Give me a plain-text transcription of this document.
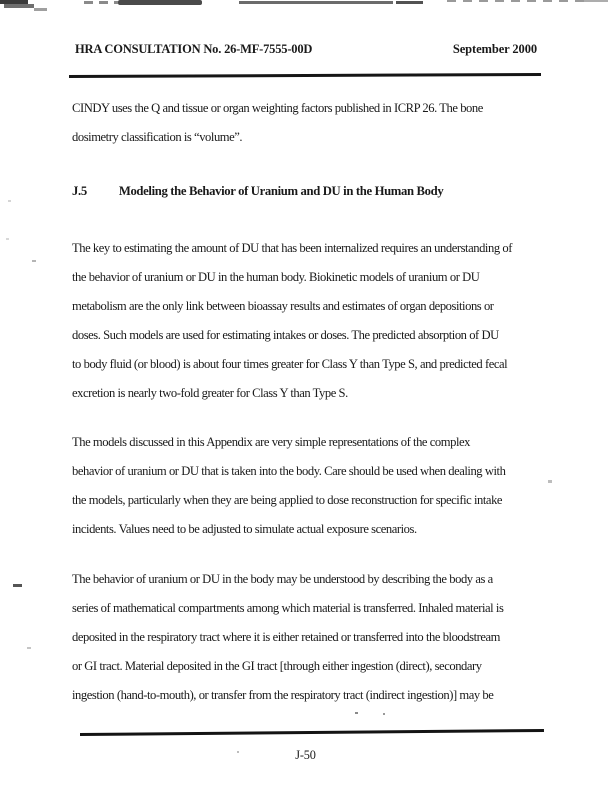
HRA CONSULTATION No. 26-MF-7555-00D	September 2000
CINDY uses the Q and tissue or organ weighting factors published in ICRP 26. The bone
dosimetry classification is “volume”.
J.5	Modeling the Behavior of Uranium and DU in the Human Body
The key to estimating the amount of DU that has been internalized requires an understanding of
the behavior of uranium or DU in the human body. Biokinetic models of uranium or DU
metabolism are the only link between bioassay results and estimates of organ depositions or
doses. Such models are used for estimating intakes or doses. The predicted absorption of DU
to body fluid (or blood) is about four times greater for Class Y than Type S, and predicted fecal
excretion is nearly two-fold greater for Class Y than Type S.
The models discussed in this Appendix are very simple representations of the complex
behavior of uranium or DU that is taken into the body. Care should be used when dealing with
the models, particularly when they are being applied to dose reconstruction for specific intake
incidents. Values need to be adjusted to simulate actual exposure scenarios.
The behavior of uranium or DU in the body may be understood by describing the body as a
series of mathematical compartments among which material is transferred. Inhaled material is
deposited in the respiratory tract where it is either retained or transferred into the bloodstream
or GI tract. Material deposited in the GI tract [through either ingestion (direct), secondary
ingestion (hand-to-mouth), or transfer from the respiratory tract (indirect ingestion)] may be
J-50
